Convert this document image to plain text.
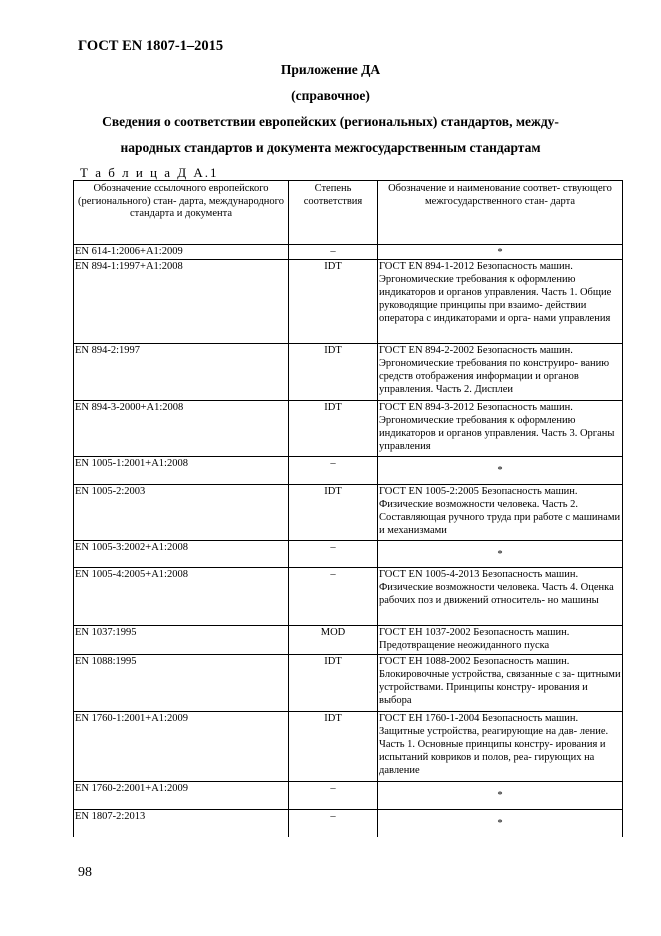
ГОСТ EN 1807-1–2015
Приложение ДА
(справочное)
Сведения о соответствии европейских (региональных) стандартов, между-
народных стандартов и документа межгосударственным стандартам
Т а б л и ц а Д А.1
Обозначение ссылочного европейского (регионального) стан- дарта, международного стандарта и документа	Степень соответствия	Обозначение и наименование соответ- ствующего межгосударственного стан- дарта
EN 614-1:2006+A1:2009	–	*
EN 894-1:1997+A1:2008	IDT	ГОСТ EN 894-1-2012 Безопасность машин. Эргономические требования к оформлению индикаторов и органов управления. Часть 1. Общие руководящие принципы при взаимо- действии оператора с индикаторами и орга- нами управления
EN 894-2:1997	IDT	ГОСТ EN 894-2-2002 Безопасность машин. Эргономические требования по конструиро- ванию средств отображения информации и органов управления. Часть 2. Дисплеи
EN 894-3-2000+A1:2008	IDT	ГОСТ EN 894-3-2012 Безопасность машин. Эргономические требования к оформлению индикаторов и органов управления. Часть 3. Органы управления
EN 1005-1:2001+A1:2008	–	*
EN 1005-2:2003	IDT	ГОСТ EN 1005-2:2005 Безопасность машин. Физические возможности человека. Часть 2. Составляющая ручного труда при работе с машинами и механизмами
EN 1005-3:2002+A1:2008	–	*
EN 1005-4:2005+A1:2008	–	ГОСТ EN 1005-4-2013 Безопасность машин. Физические возможности человека. Часть 4. Оценка рабочих поз и движений относитель- но машины
EN 1037:1995	MOD	ГОСТ EH 1037-2002 Безопасность машин. Предотвращение неожиданного пуска
EN 1088:1995	IDT	ГОСТ EH 1088-2002 Безопасность машин. Блокировочные устройства, связанные с за- щитными устройствами. Принципы констру- ирования и выбора
EN 1760-1:2001+A1:2009	IDT	ГОСТ EH 1760-1-2004 Безопасность машин. Защитные устройства, реагирующие на дав- ление. Часть 1. Основные принципы констру- ирования и испытаний ковриков и полов, реа- гирующих на давление
EN 1760-2:2001+A1:2009	–	*
EN 1807-2:2013	–	*
98
